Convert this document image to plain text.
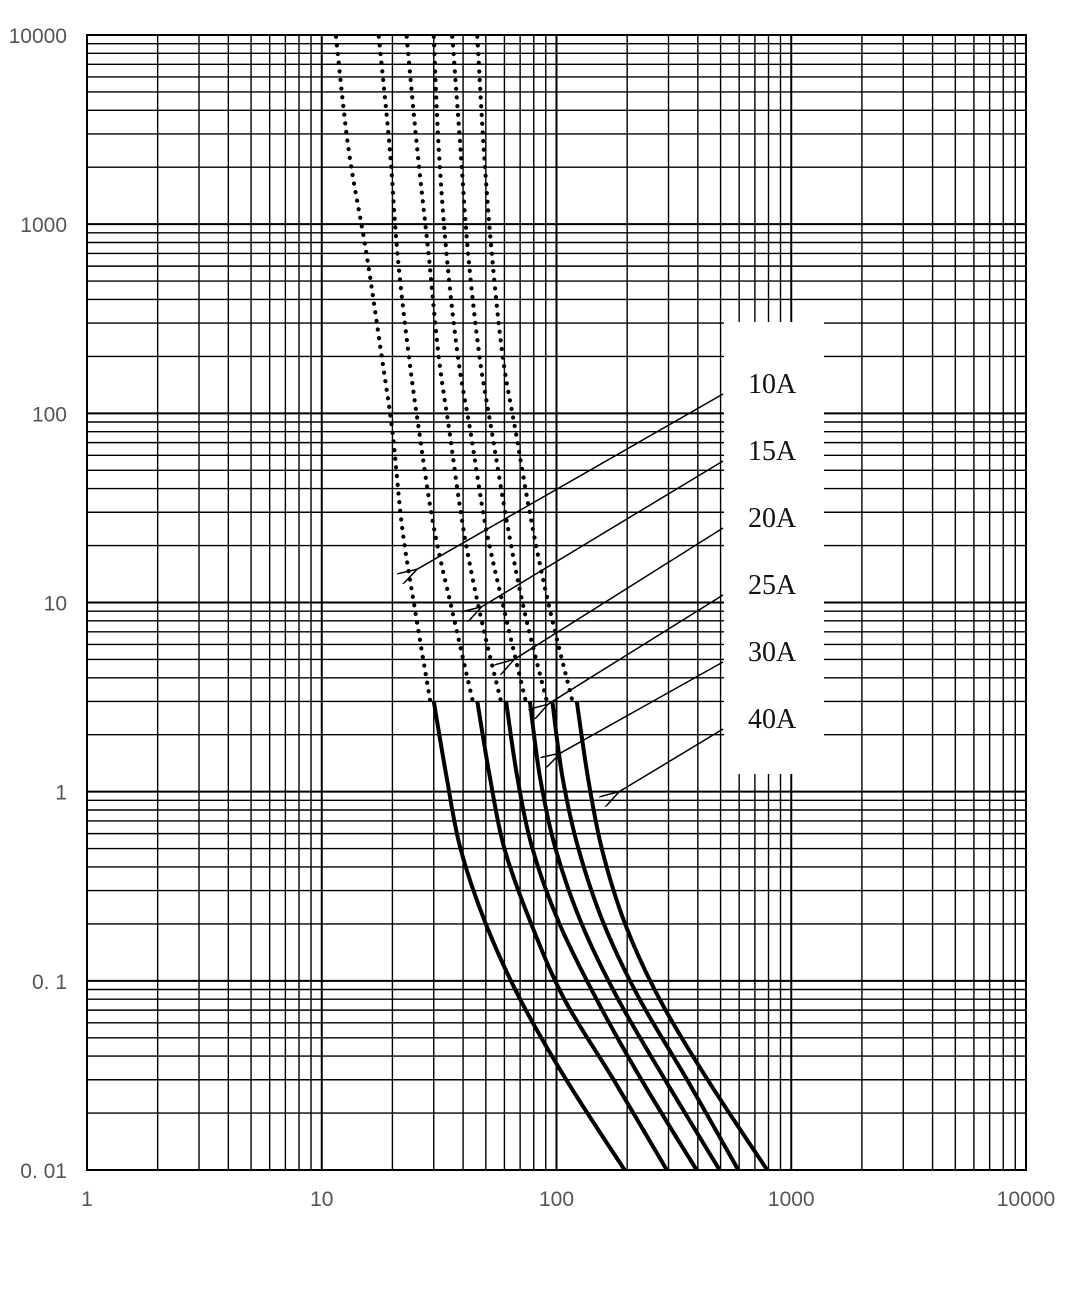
10A
15A
20A
25A
30A
40A
1	10	100	1000	10000
0. 01
0. 1
1
10
100
1000
10000
